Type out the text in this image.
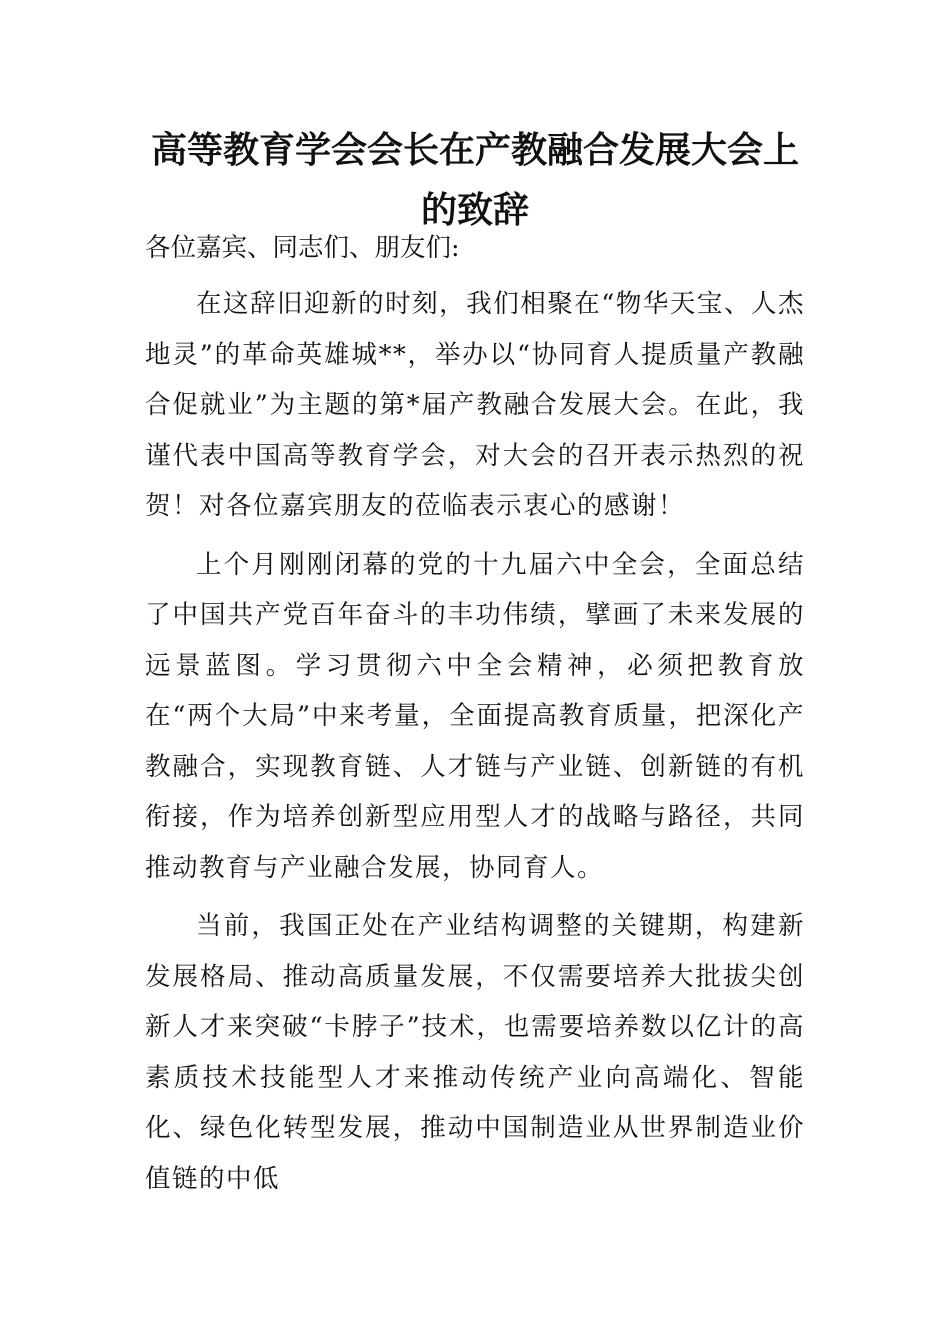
高等教育学会会长在产教融合发展大会上的致辞

各位嘉宾、同志们、朋友们:

在这辞旧迎新的时刻，我们相聚在“物华天宝、人杰地灵”的革命英雄城**，举办以“协同育人提质量产教融合促就业”为主题的第*届产教融合发展大会。在此，我谨代表中国高等教育学会，对大会的召开表示热烈的祝贺！对各位嘉宾朋友的莅临表示衷心的感谢！

上个月刚刚闭幕的党的十九届六中全会，全面总结了中国共产党百年奋斗的丰功伟绩，擘画了未来发展的远景蓝图。学习贯彻六中全会精神，必须把教育放在“两个大局”中来考量，全面提高教育质量，把深化产教融合，实现教育链、人才链与产业链、创新链的有机衔接，作为培养创新型应用型人才的战略与路径，共同推动教育与产业融合发展，协同育人。

当前，我国正处在产业结构调整的关键期，构建新发展格局、推动高质量发展，不仅需要培养大批拔尖创新人才来突破“卡脖子”技术，也需要培养数以亿计的高素质技术技能型人才来推动传统产业向高端化、智能化、绿色化转型发展，推动中国制造业从世界制造业价值链的中低
